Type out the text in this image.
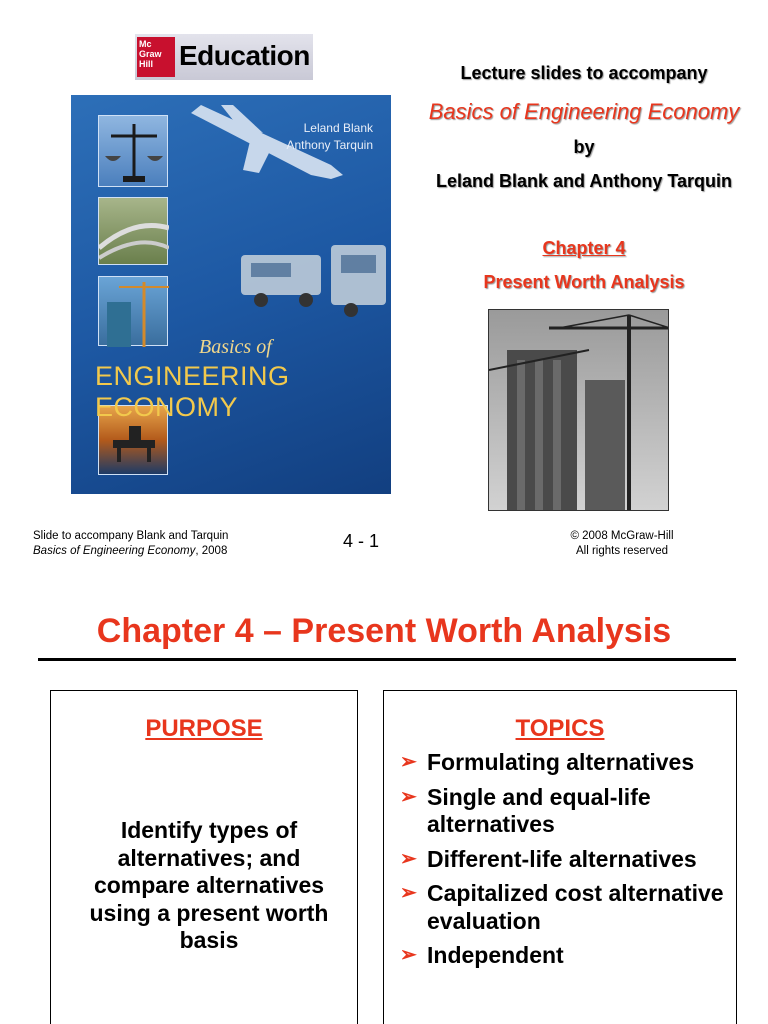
Mc
Graw
Hill Education
Leland Blank
Anthony Tarquin
Basics of
ENGINEERING ECONOMY
Lecture slides to accompany
Basics of Engineering Economy
by
Leland Blank and Anthony Tarquin
Chapter 4
Present Worth Analysis
Slide to accompany Blank and Tarquin
Basics of Engineering Economy, 2008	4 - 1	© 2008 McGraw-Hill
All rights reserved
Chapter 4 – Present Worth Analysis
PURPOSE
Identify types of alternatives; and compare alternatives using a present worth basis
TOPICS
➢ Formulating alternatives
➢ Single and equal-life alternatives
➢ Different-life alternatives
➢ Capitalized cost alternative evaluation
➢ Independent
